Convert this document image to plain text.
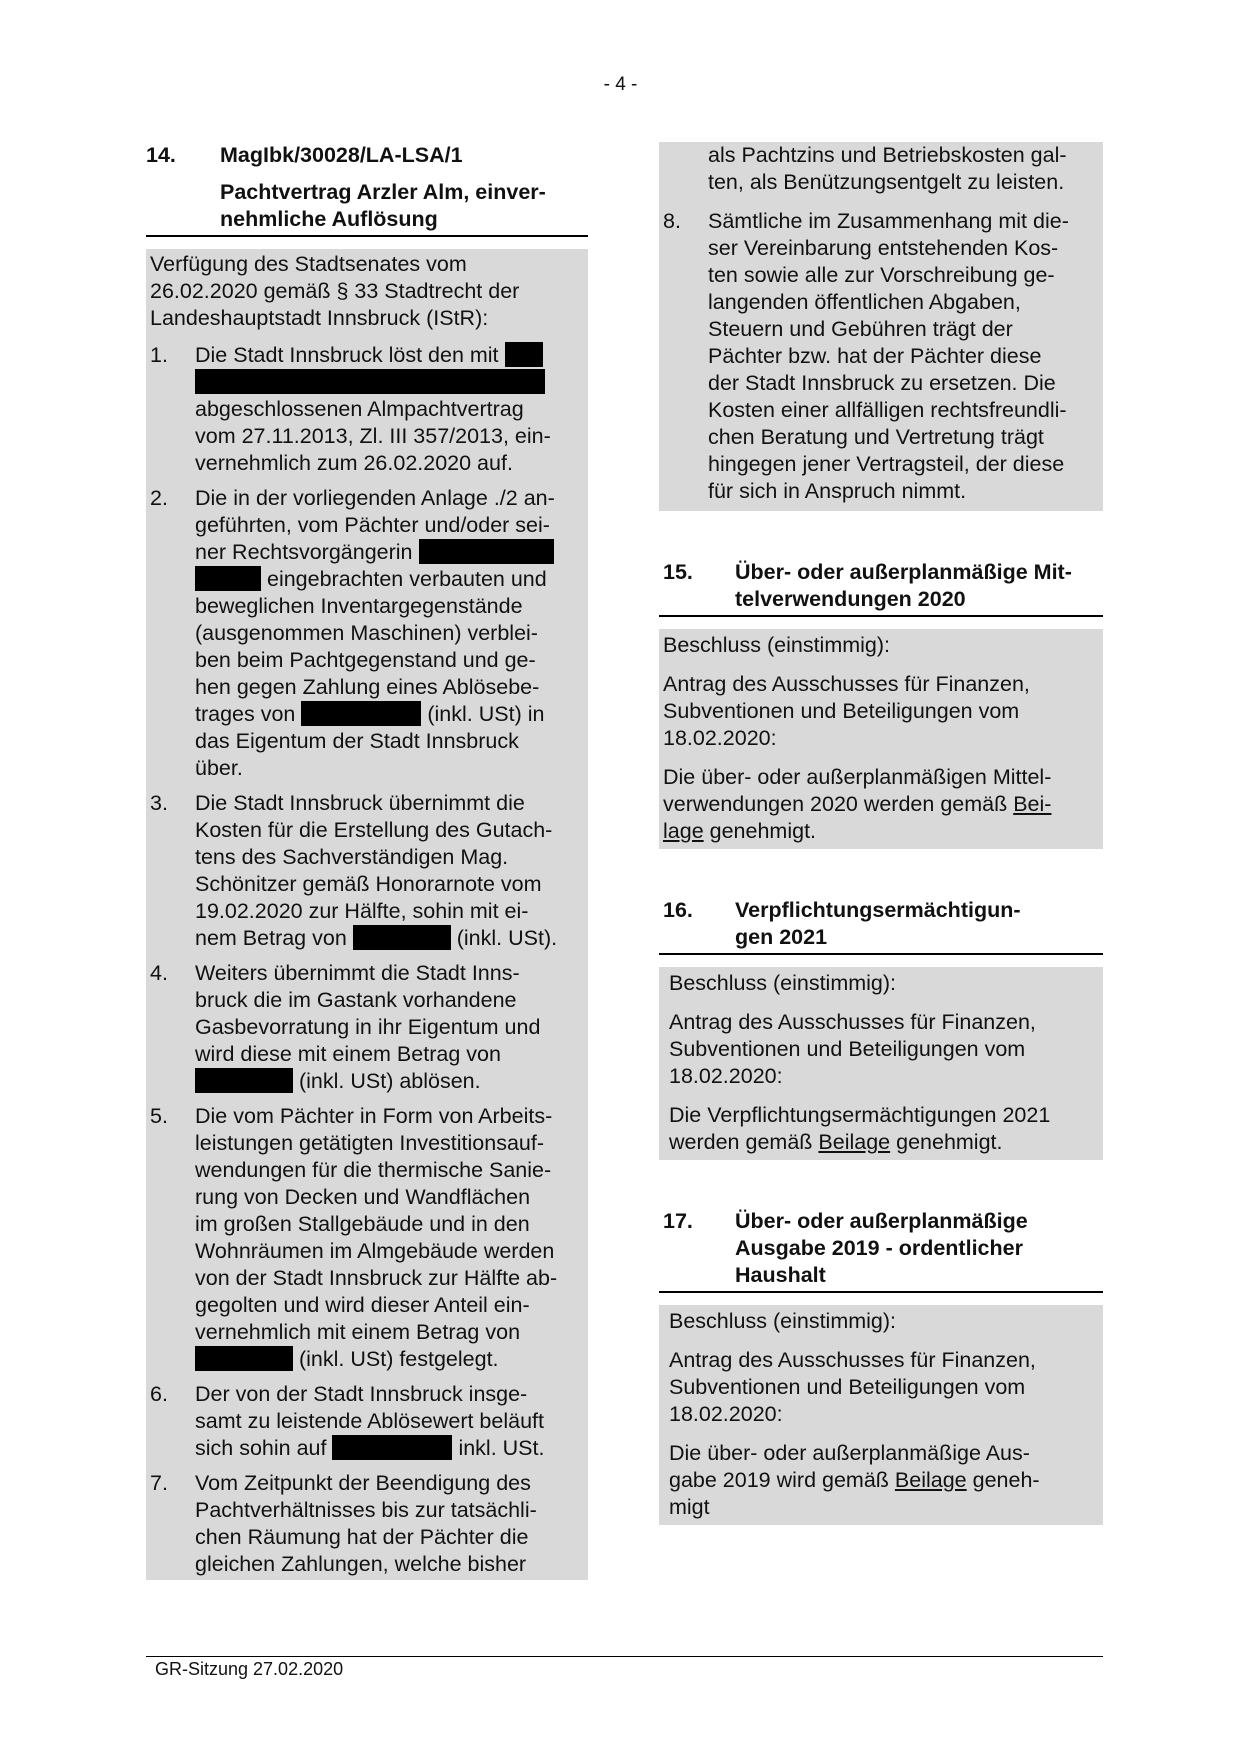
- 4 -
14. MagIbk/30028/LA-LSA/1
Pachtvertrag Arzler Alm, einver-
nehmliche Auflösung
Verfügung des Stadtsenates vom
26.02.2020 gemäß § 33 Stadtrecht der
Landeshauptstadt Innsbruck (IStR):
1. Die Stadt Innsbruck löst den mit
abgeschlossenen Almpachtvertrag
vom 27.11.2013, Zl. III 357/2013, ein-
vernehmlich zum 26.02.2020 auf.
2. Die in der vorliegenden Anlage ./2 an-
geführten, vom Pächter und/oder sei-
ner Rechtsvorgängerin
eingebrachten verbauten und
beweglichen Inventargegenstände
(ausgenommen Maschinen) verblei-
ben beim Pachtgegenstand und ge-
hen gegen Zahlung eines Ablösebe-
trages von	(inkl. USt) in
das Eigentum der Stadt Innsbruck
über.
3. Die Stadt Innsbruck übernimmt die
Kosten für die Erstellung des Gutach-
tens des Sachverständigen Mag.
Schönitzer gemäß Honorarnote vom
19.02.2020 zur Hälfte, sohin mit ei-
nem Betrag von	(inkl. USt).
4. Weiters übernimmt die Stadt Inns-
bruck die im Gastank vorhandene
Gasbevorratung in ihr Eigentum und
wird diese mit einem Betrag von
(inkl. USt) ablösen.
5. Die vom Pächter in Form von Arbeits-
leistungen getätigten Investitionsauf-
wendungen für die thermische Sanie-
rung von Decken und Wandflächen
im großen Stallgebäude und in den
Wohnräumen im Almgebäude werden
von der Stadt Innsbruck zur Hälfte ab-
gegolten und wird dieser Anteil ein-
vernehmlich mit einem Betrag von
(inkl. USt) festgelegt.
6. Der von der Stadt Innsbruck insge-
samt zu leistende Ablösewert beläuft
sich sohin auf	inkl. USt.
7. Vom Zeitpunkt der Beendigung des
Pachtverhältnisses bis zur tatsächli-
chen Räumung hat der Pächter die
gleichen Zahlungen, welche bisher
als Pachtzins und Betriebskosten gal-
ten, als Benützungsentgelt zu leisten.
8. Sämtliche im Zusammenhang mit die-
ser Vereinbarung entstehenden Kos-
ten sowie alle zur Vorschreibung ge-
langenden öffentlichen Abgaben,
Steuern und Gebühren trägt der
Pächter bzw. hat der Pächter diese
der Stadt Innsbruck zu ersetzen. Die
Kosten einer allfälligen rechtsfreundli-
chen Beratung und Vertretung trägt
hingegen jener Vertragsteil, der diese
für sich in Anspruch nimmt.
15. Über- oder außerplanmäßige Mit-
telverwendungen 2020
Beschluss (einstimmig):
Antrag des Ausschusses für Finanzen,
Subventionen und Beteiligungen vom
18.02.2020:
Die über- oder außerplanmäßigen Mittel-
verwendungen 2020 werden gemäß Bei-
lage genehmigt.
16. Verpflichtungsermächtigun-
gen 2021
Beschluss (einstimmig):
Antrag des Ausschusses für Finanzen,
Subventionen und Beteiligungen vom
18.02.2020:
Die Verpflichtungsermächtigungen 2021
werden gemäß Beilage genehmigt.
17. Über- oder außerplanmäßige
Ausgabe 2019 - ordentlicher
Haushalt
Beschluss (einstimmig):
Antrag des Ausschusses für Finanzen,
Subventionen und Beteiligungen vom
18.02.2020:
Die über- oder außerplanmäßige Aus-
gabe 2019 wird gemäß Beilage geneh-
migt
GR-Sitzung 27.02.2020
